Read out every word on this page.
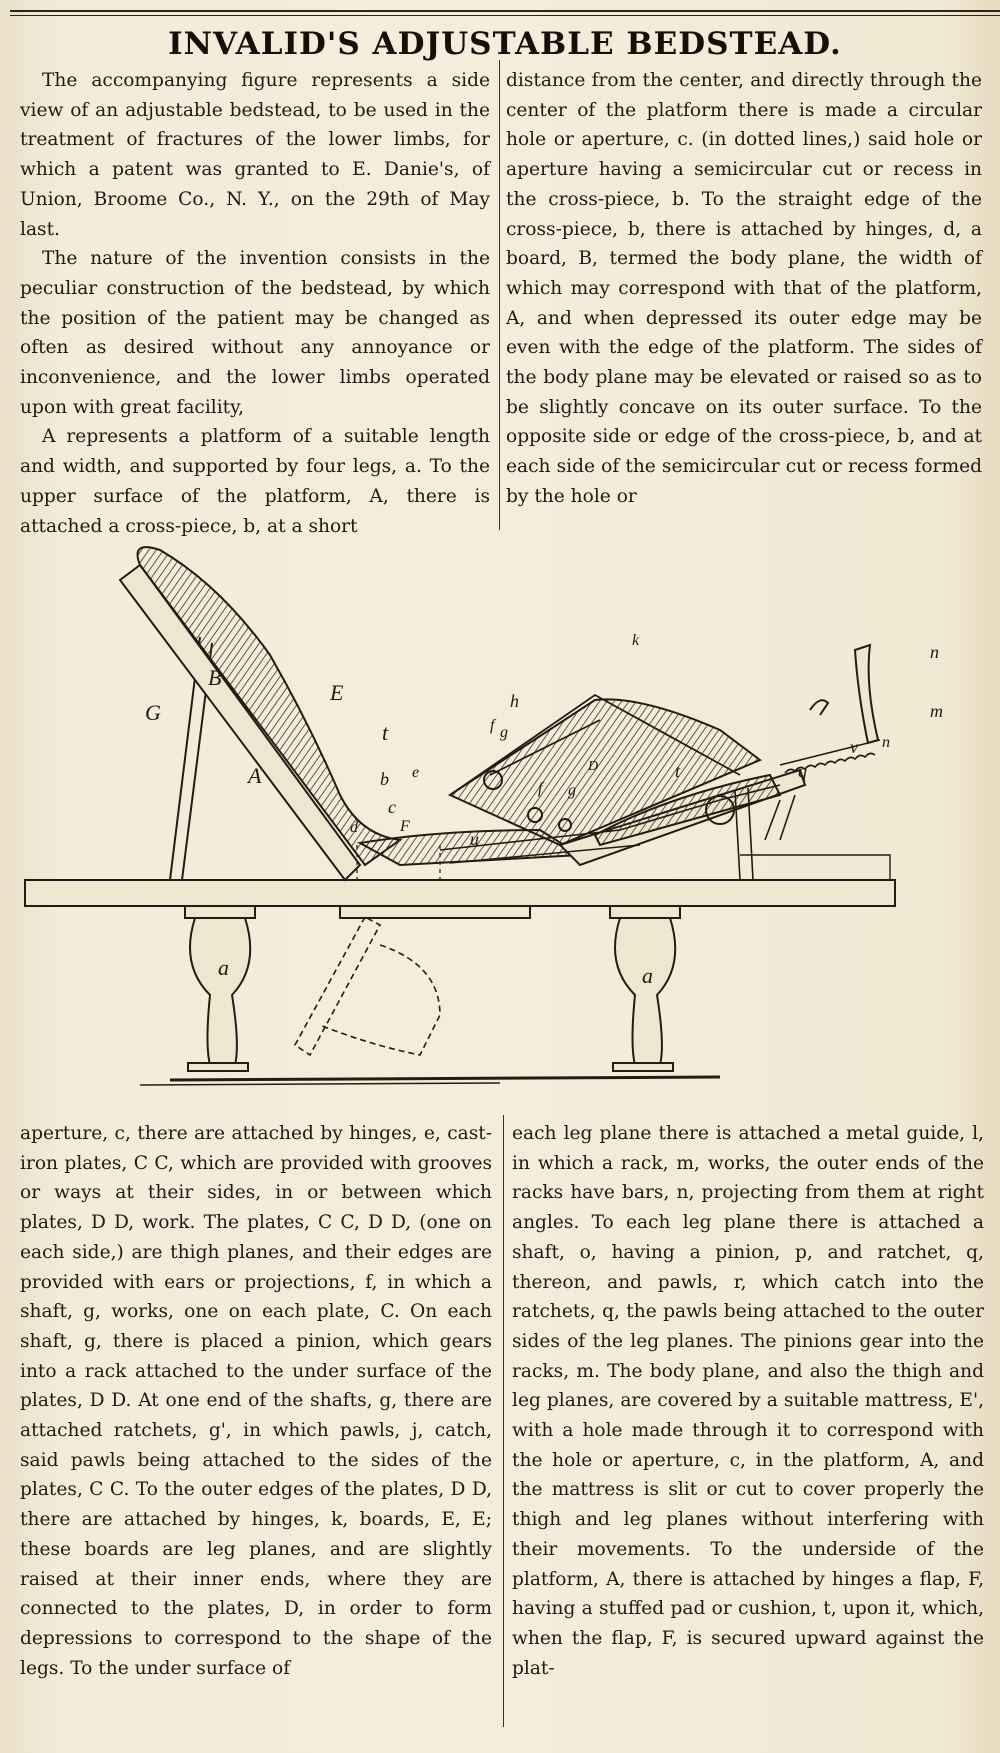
INVALID'S ADJUSTABLE BEDSTEAD.

The accompanying figure represents a side view of an adjustable bedstead, to be used in the treatment of fractures of the lower limbs, for which a patent was granted to E. Danie's, of Union, Broome Co., N. Y., on the 29th of May last.

The nature of the invention consists in the peculiar construction of the bedstead, by which the position of the patient may be changed as often as desired without any annoyance or inconvenience, and the lower limbs operated upon with great facility,

A represents a platform of a suitable length and width, and supported by four legs, a. To the upper surface of the platform, A, there is attached a cross-piece, b, at a short

distance from the center, and directly through the center of the platform there is made a circular hole or aperture, c. (in dotted lines,) said hole or aperture having a semicircular cut or recess in the cross-piece, b. To the straight edge of the cross-piece, b, there is attached by hinges, d, a board, B, termed the body plane, the width of which may correspond with that of the platform, A, and when depressed its outer edge may be even with the edge of the platform. The sides of the body plane may be elevated or raised so as to be slightly concave on its outer surface. To the opposite side or edge of the cross-piece, b, and at each side of the semicircular cut or recess formed by the hole or

G
B
E
t
A	b e
c
d	F
u
a	a
h
f
f
g
g
k
D	t	q
v
n
n
m

aperture, c, there are attached by hinges, e, cast-iron plates, C C, which are provided with grooves or ways at their sides, in or between which plates, D D, work. The plates, C C, D D, (one on each side,) are thigh planes, and their edges are provided with ears or projections, f, in which a shaft, g, works, one on each plate, C. On each shaft, g, there is placed a pinion, which gears into a rack attached to the under surface of the plates, D D. At one end of the shafts, g, there are attached ratchets, g', in which pawls, j, catch, said pawls being attached to the sides of the plates, C C. To the outer edges of the plates, D D, there are attached by hinges, k, boards, E, E; these boards are leg planes, and are slightly raised at their inner ends, where they are connected to the plates, D, in order to form depressions to correspond to the shape of the legs. To the under surface of

each leg plane there is attached a metal guide, l, in which a rack, m, works, the outer ends of the racks have bars, n, projecting from them at right angles. To each leg plane there is attached a shaft, o, having a pinion, p, and ratchet, q, thereon, and pawls, r, which catch into the ratchets, q, the pawls being attached to the outer sides of the leg planes. The pinions gear into the racks, m. The body plane, and also the thigh and leg planes, are covered by a suitable mattress, E', with a hole made through it to correspond with the hole or aperture, c, in the platform, A, and the mattress is slit or cut to cover properly the thigh and leg planes without interfering with their movements. To the underside of the platform, A, there is attached by hinges a flap, F, having a stuffed pad or cushion, t, upon it, which, when the flap, F, is secured upward against the plat-
